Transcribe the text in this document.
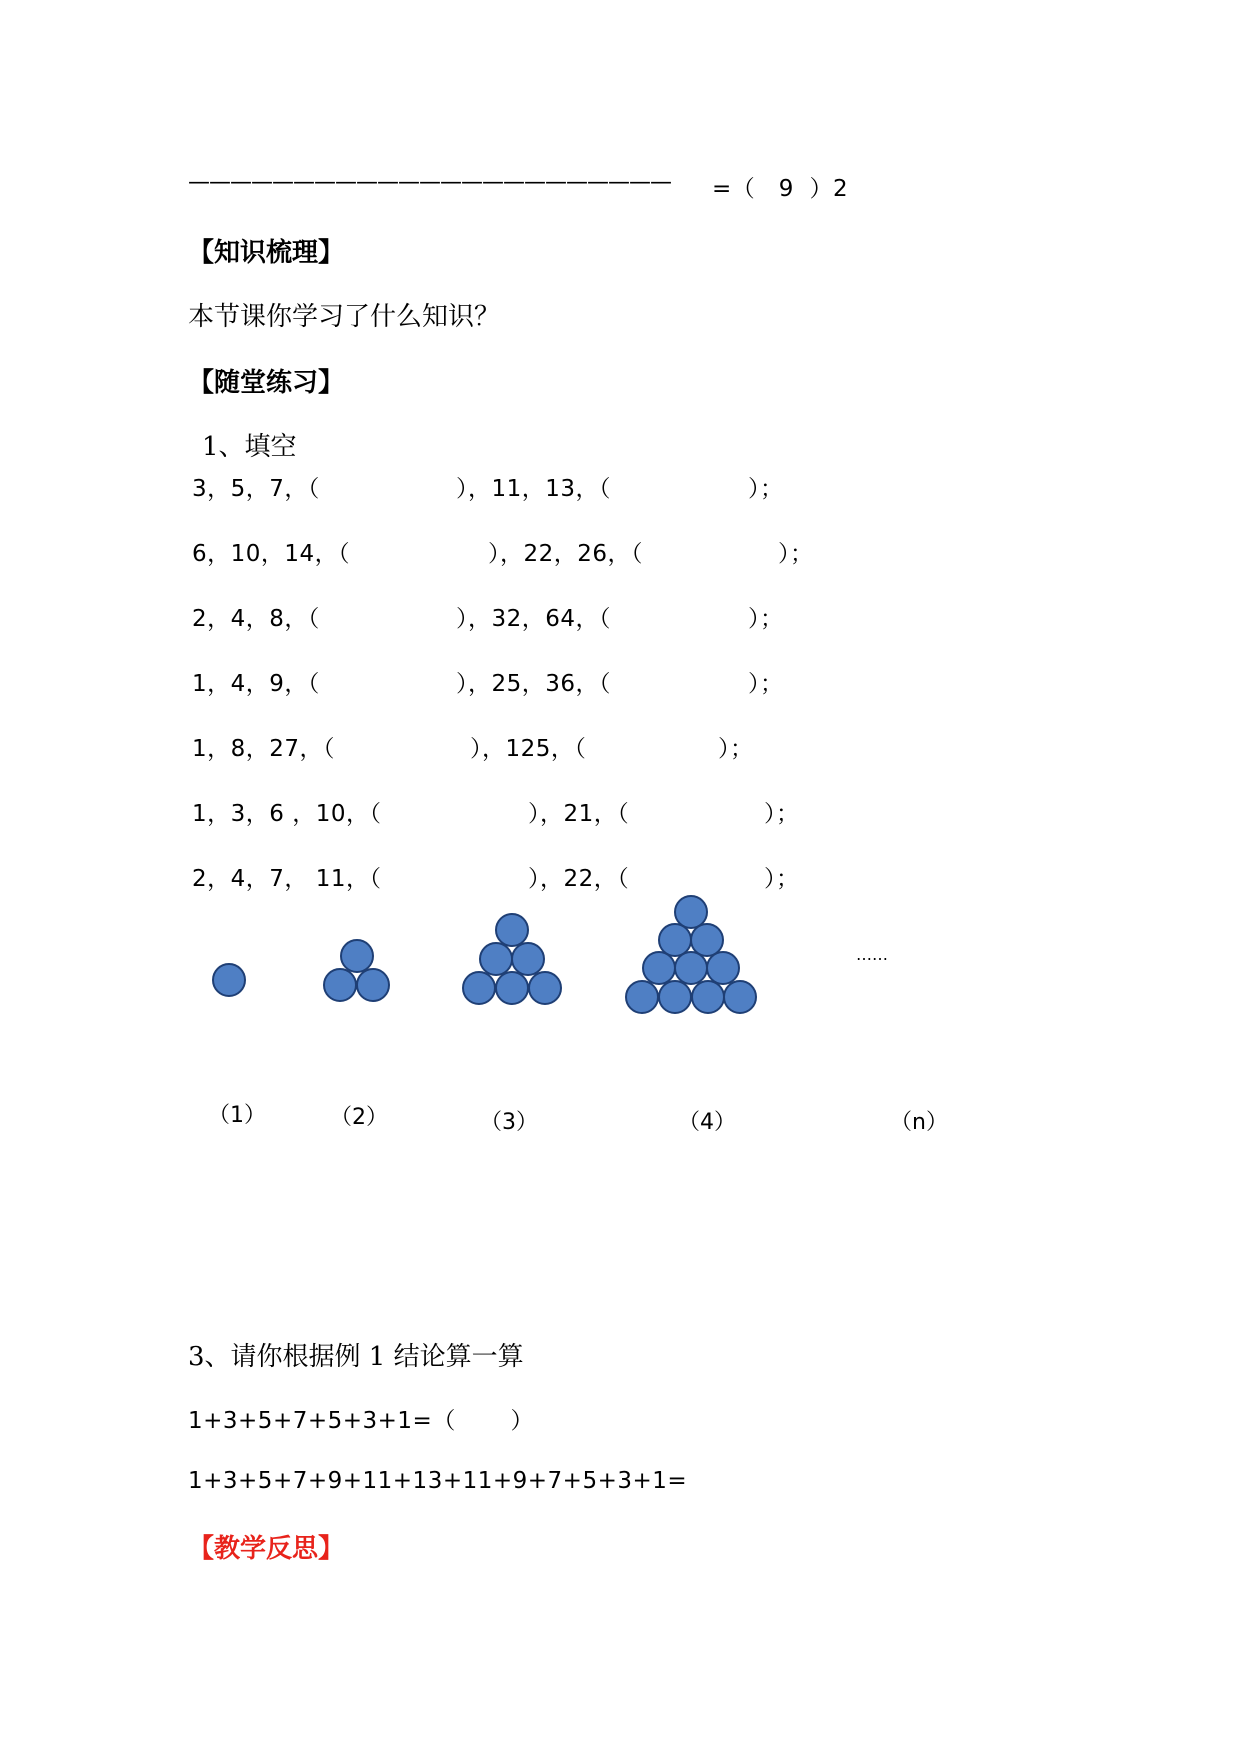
——————————————————————— =（   9  ）2
【知识梳理】
本节课你学习了什么知识？
【随堂练习】
1、填空
3，5，7，（	），11，13，（	）；
6，10，14，（	），22，26，（	）；
2，4，8，（	），32，64，（	）；
1，4，9，（	），25，36，（	）；
1，8，27，（	），125，（	）；
1，3，6 ，10，（	），21，（	）；
2，4，7， 11，（	），22，（	）；
……
（1）	（2）	（3）	（4）	（n）
3、请你根据例 1 结论算一算
1+3+5+7+5+3+1=（       ）
1+3+5+7+9+11+13+11+9+7+5+3+1=
【教学反思】
